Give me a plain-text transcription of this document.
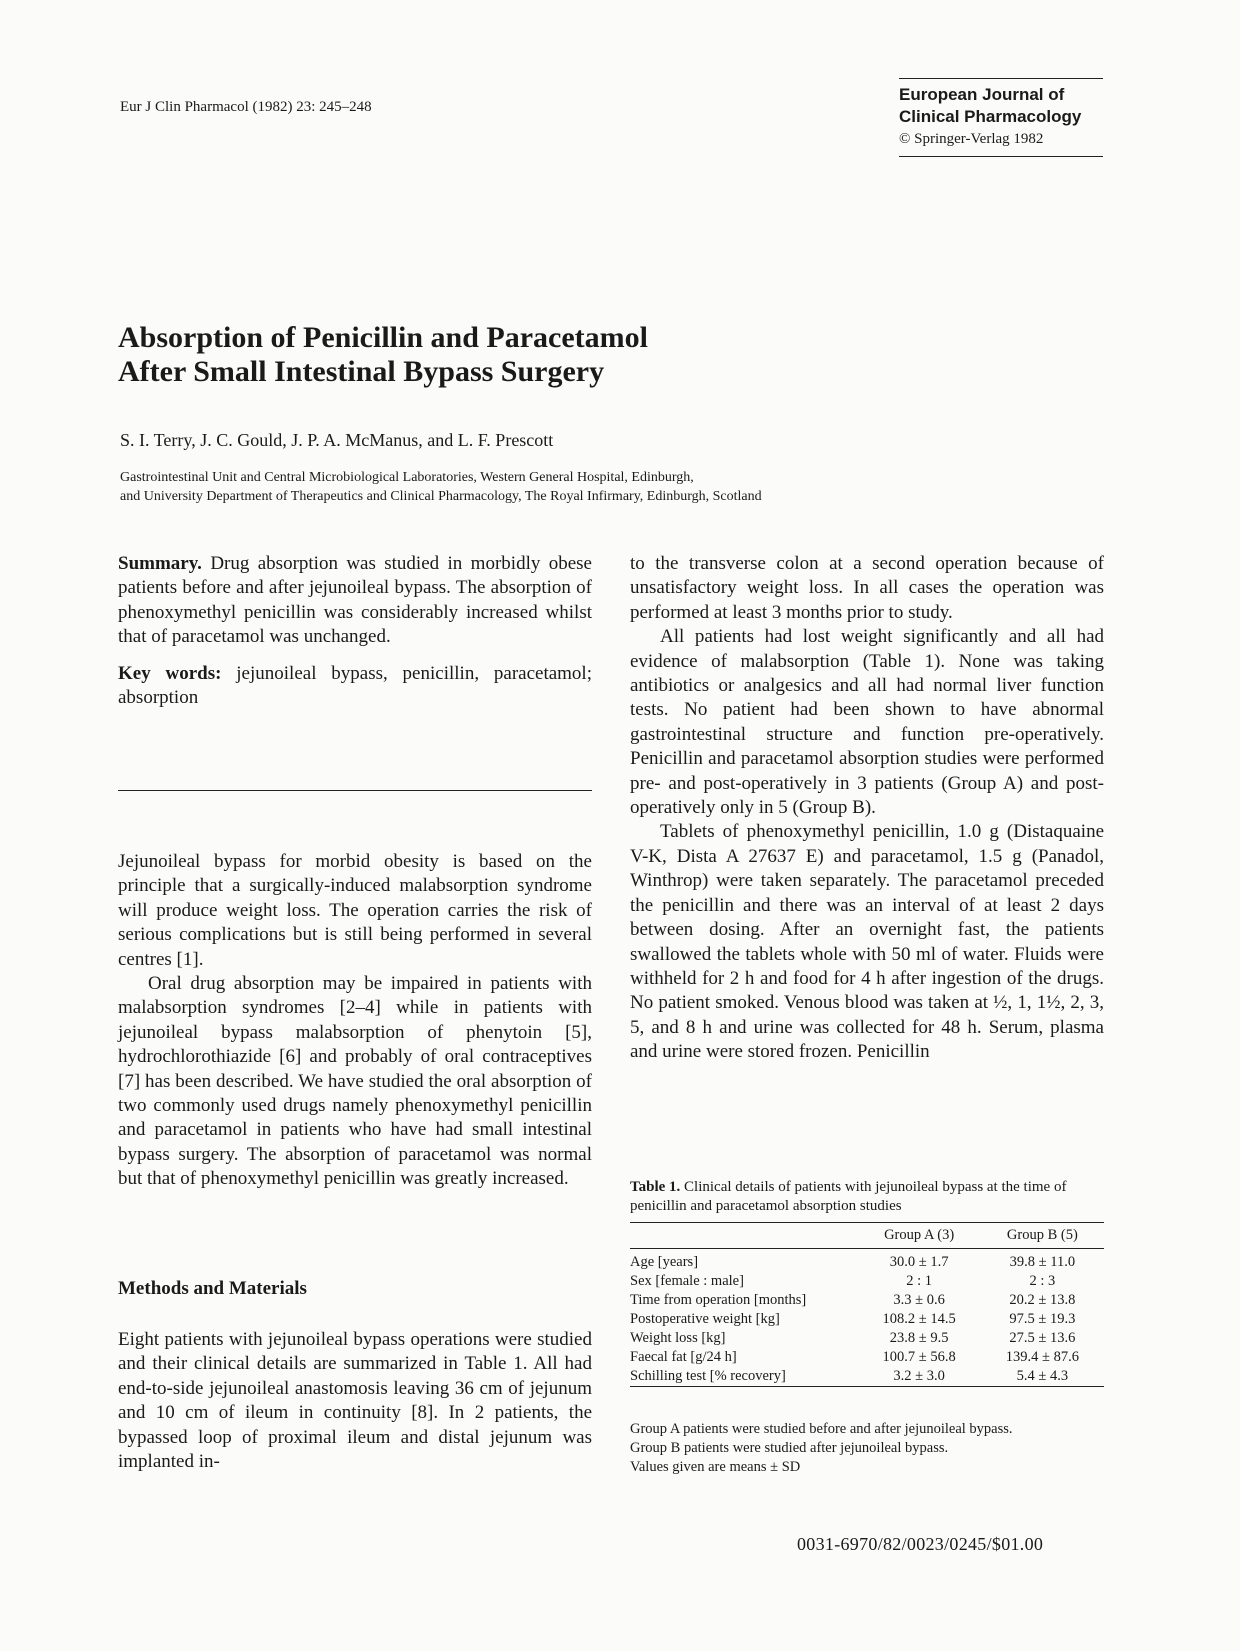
Eur J Clin Pharmacol (1982) 23: 245–248
European Journal of
Clinical Pharmacology
© Springer-Verlag 1982
Absorption of Penicillin and Paracetamol
After Small Intestinal Bypass Surgery
S. I. Terry, J. C. Gould, J. P. A. McManus, and L. F. Prescott
Gastrointestinal Unit and Central Microbiological Laboratories, Western General Hospital, Edinburgh,
and University Department of Therapeutics and Clinical Pharmacology, The Royal Infirmary, Edinburgh, Scotland

Summary. Drug absorption was studied in morbidly obese patients before and after jejunoileal bypass. The absorption of phenoxymethyl penicillin was considerably increased whilst that of paracetamol was unchanged.

Key words: jejunoileal bypass, penicillin, paracetamol; absorption

Jejunoileal bypass for morbid obesity is based on the principle that a surgically-induced malabsorption syndrome will produce weight loss. The operation carries the risk of serious complications but is still being performed in several centres [1].

Oral drug absorption may be impaired in patients with malabsorption syndromes [2–4] while in patients with jejunoileal bypass malabsorption of phenytoin [5], hydrochlorothiazide [6] and probably of oral contraceptives [7] has been described. We have studied the oral absorption of two commonly used drugs namely phenoxymethyl penicillin and paracetamol in patients who have had small intestinal bypass surgery. The absorption of paracetamol was normal but that of phenoxymethyl penicillin was greatly increased.

Methods and Materials

Eight patients with jejunoileal bypass operations were studied and their clinical details are summarized in Table 1. All had end-to-side jejunoileal anastomosis leaving 36 cm of jejunum and 10 cm of ileum in continuity [8]. In 2 patients, the bypassed loop of proximal ileum and distal jejunum was implanted in-

to the transverse colon at a second operation because of unsatisfactory weight loss. In all cases the operation was performed at least 3 months prior to study.

All patients had lost weight significantly and all had evidence of malabsorption (Table 1). None was taking antibiotics or analgesics and all had normal liver function tests. No patient had been shown to have abnormal gastrointestinal structure and function pre-operatively. Penicillin and paracetamol absorption studies were performed pre- and post-operatively in 3 patients (Group A) and post-operatively only in 5 (Group B).

Tablets of phenoxymethyl penicillin, 1.0 g (Distaquaine V-K, Dista A 27637 E) and paracetamol, 1.5 g (Panadol, Winthrop) were taken separately. The paracetamol preceded the penicillin and there was an interval of at least 2 days between dosing. After an overnight fast, the patients swallowed the tablets whole with 50 ml of water. Fluids were withheld for 2 h and food for 4 h after ingestion of the drugs. No patient smoked. Venous blood was taken at ½, 1, 1½, 2, 3, 5, and 8 h and urine was collected for 48 h. Serum, plasma and urine were stored frozen. Penicillin

Table 1. Clinical details of patients with jejunoileal bypass at the time of penicillin and paracetamol absorption studies

	Group A (3)	Group B (5)

Age [years]	30.0 ± 1.7	39.8 ± 11.0
Sex [female : male]	2 : 1	2 : 3
Time from operation [months]	3.3 ± 0.6	20.2 ± 13.8
Postoperative weight [kg]	108.2 ± 14.5	97.5 ± 19.3
Weight loss [kg]	23.8 ± 9.5	27.5 ± 13.6
Faecal fat [g/24 h]	100.7 ± 56.8	139.4 ± 87.6
Schilling test [% recovery]	3.2 ± 3.0	5.4 ± 4.3

Group A patients were studied before and after jejunoileal bypass.
Group B patients were studied after jejunoileal bypass.
Values given are means ± SD
0031-6970/82/0023/0245/$01.00
